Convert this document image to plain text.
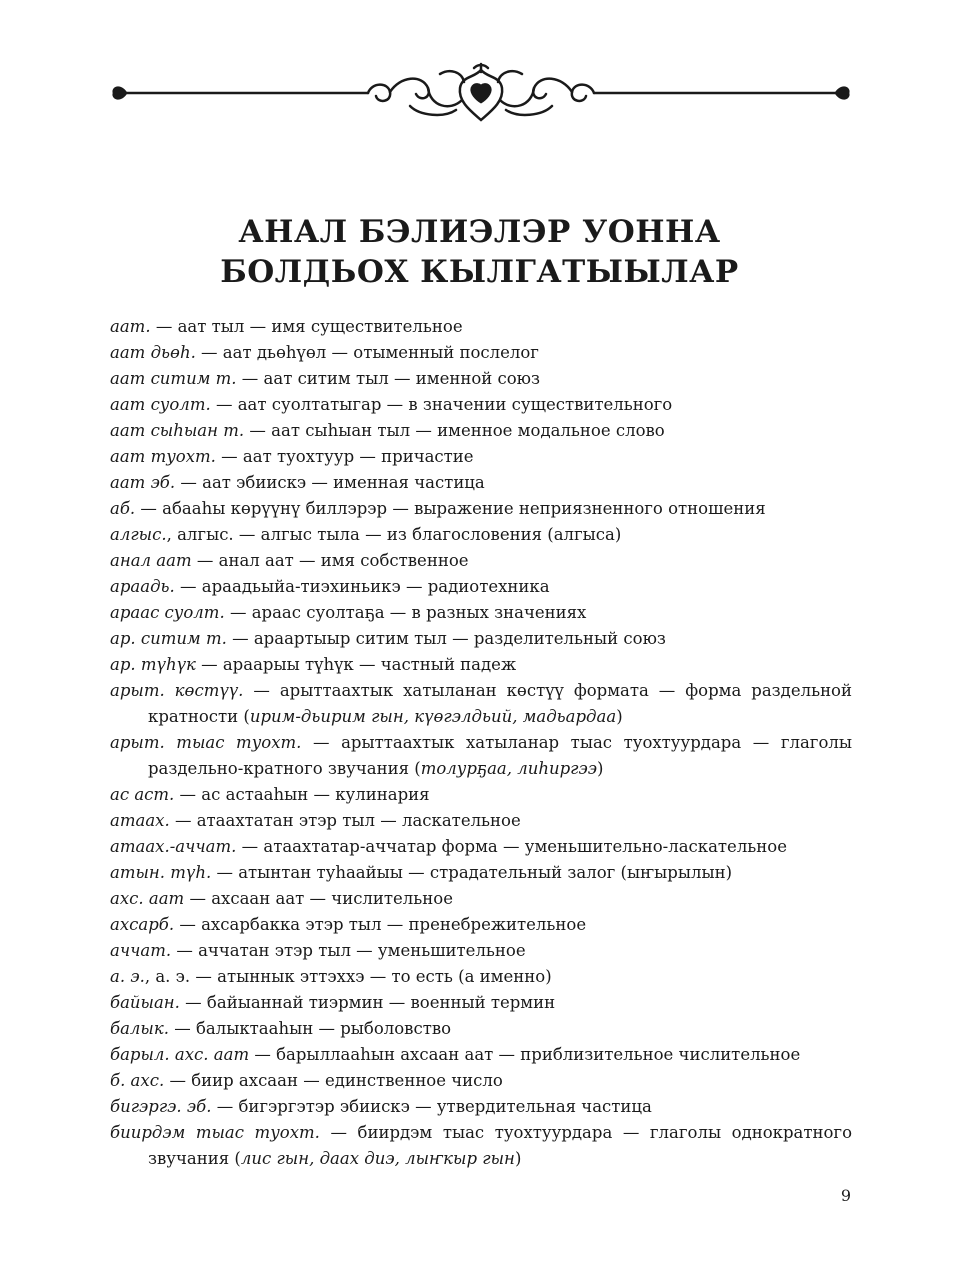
АНАЛ БЭЛИЭЛЭР УОННА
БОЛДЬОХ КЫЛГАТЫЫЛАР
аат. — аат тыл — имя существительное
аат дьөһ. — аат дьөһүөл — отыменный послелог
аат ситим т. — аат ситим тыл — именной союз
аат суолт. — аат суолтатыгар — в значении существительного
аат сыһыан т. — аат сыһыан тыл — именное модальное слово
аат туохт. — аат туохтуур — причастие
аат эб. — аат эбиискэ — именная частица
аб. — абааһы көрүүнү биллэрэр — выражение неприязненного отношения
алгыс., алгыс. — алгыс тыла — из благословения (алгыса)
анал аат — анал аат — имя собственное
араадь. — араадьыйа-тиэхиньикэ — радиотехника
араас суолт. — араас суолтаҕа — в разных значениях
ар. ситим т. — араартыыр ситим тыл — разделительный союз
ар. түһүк — араарыы түһүк — частный падеж
арыт. көстүү. — арыттаахтык хатыланан көстүү формата — форма раздельной кратности (ирим-дьирим гын, күөгэлдьий, мадьардаа)
арыт. тыас туохт. — арыттаахтык хатыланар тыас туохтуурдара — глаголы раздельно-кратного звучания (толурҕаа, лиһиргээ)
ас аст. — ас астааһын — кулинария
атаах. — атаахтатан этэр тыл — ласкательное
атаах.-аччат. — атаахтатар-аччатар форма — уменьшительно-ласкательное
атын. түһ. — атынтан туһаайыы — страдательный залог (ыҥырылын)
ахс. аат — ахсаан аат — числительное
ахсарб. — ахсарбакка этэр тыл — пренебрежительное
аччат. — аччатан этэр тыл — уменьшительное
а. э., а. э. — атыннык эттэххэ — то есть (а именно)
байыан. — байыаннай тиэрмин — военный термин
балык. — балыктааһын — рыболовство
барыл. ахс. аат — барыллааһын ахсаан аат — приблизительное числительное
б. ахс. — биир ахсаан — единственное число
бигэргэ. эб. — бигэргэтэр эбиискэ — утвердительная частица
биирдэм тыас туохт. — биирдэм тыас туохтуурдара — глаголы однократного звучания (лис гын, даах диэ, лыҥкыр гын)
9
